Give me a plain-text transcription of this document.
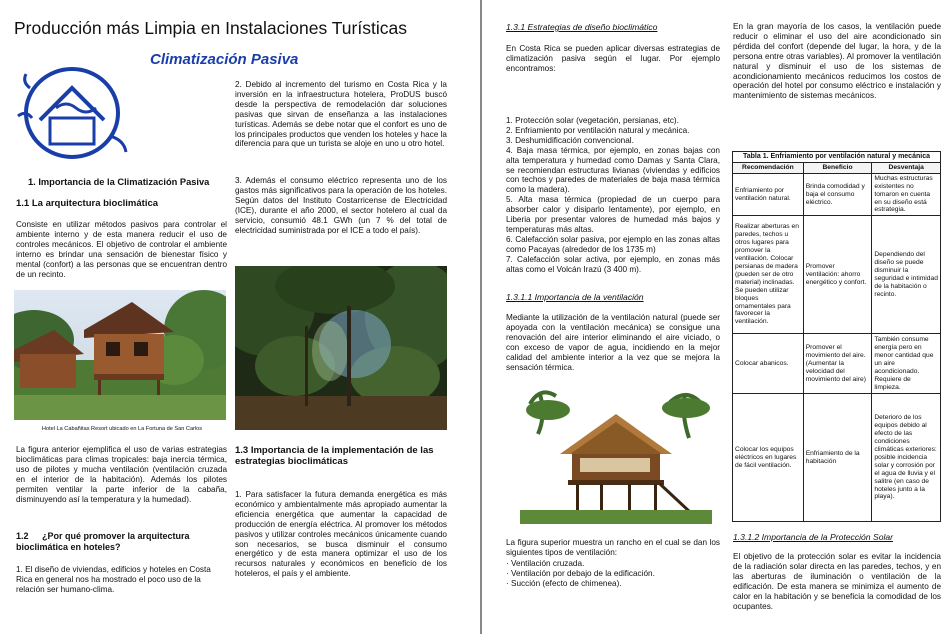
Producción más Limpia en Instalaciones Turísticas
Climatización Pasiva
1. Importancia de la Climatización Pasiva
1.1 La arquitectura bioclimática
Consiste en utilizar métodos pasivos para controlar el ambiente interno y de esta manera reducir el uso de controles mecánicos. El objetivo de controlar el ambiente interno es brindar una sensación de bienestar físico y mental (confort) a las personas que se encuentran dentro de un recinto.
Hotel La Cabañitas Resort ubicado en La Fortuna de San Carlos
La figura anterior ejemplifica el uso de varias estrategias bioclimáticas para climas tropicales: baja inercia térmica, uso de pilotes y mucha ventilación (ventilación cruzada en el interior de la habitación). Además los pilotes permiten ventilar la parte inferior de la cabaña, disminuyendo así la temperatura y la humedad).
1.2 ¿Por qué promover la arquitectura bioclimática en hoteles?
1. El diseño de viviendas, edificios y hoteles en Costa Rica en general nos ha mostrado el poco uso de la relación ser humano-clima.
2. Debido al incremento del turismo en Costa Rica y la inversión en la infraestructura hotelera, ProDUS buscó desde la perspectiva de remodelación dar soluciones pasivas que sirvan de enseñanza a las instalaciones turísticas. Además se debe notar que el confort es uno de los principales productos que venden los hoteles y hace la diferencia para que un turista se aloje en uno u otro hotel.
3. Además el consumo eléctrico representa uno de los gastos más significativos para la operación de los hoteles. Según datos del Instituto Costarricense de Electricidad (ICE), durante el año 2000, el sector hotelero al cual da servicio, consumió 48.1 GWh (un 7 % del total de electricidad suministrada por el ICE a todo el país).
1.3 Importancia de la implementación de las estrategias bioclimáticas
1. Para satisfacer la futura demanda energética es más económico y ambientalmente más apropiado aumentar la eficiencia energética que aumentar la capacidad de producción de energía eléctrica. Al promover los métodos pasivos y utilizar controles mecánicos únicamente cuando son necesarios, se busca disminuir el consumo energético y de esta manera optimizar el uso de los recursos naturales y económicos en beneficio de los hoteleros, el país y el ambiente.
1.3.1 Estrategias de diseño bioclimático
En Costa Rica se pueden aplicar diversas estrategias de climatización pasiva según el lugar. Por ejemplo encontramos:
1. Protección solar (vegetación, persianas, etc).
2. Enfriamiento por ventilación natural y mecánica.
3. Deshumidificación convencional.
4. Baja masa térmica, por ejemplo, en zonas bajas con alta temperatura y humedad como Damas y Santa Clara, se recomiendan estructuras livianas (viviendas y edificios con techos y paredes de materiales de baja masa térmica como la madera).
5. Alta masa térmica (propiedad de un cuerpo para absorber calor y disiparlo lentamente), por ejemplo, en Liberia por presentar valores de humedad más bajos y temperaturas más altas.
6. Calefacción solar pasiva, por ejemplo en las zonas altas como Pacayas (alrededor de los 1735 m)
7. Calefacción solar activa, por ejemplo, en zonas más altas como el Volcán Irazú (3 400 m).
1.3.1.1 Importancia de la ventilación
Mediante la utilización de la ventilación natural (puede ser apoyada con la ventilación mecánica) se consigue una renovación del aire interior eliminando el aire viciado, o con exceso de vapor de agua, incidiendo en la mejor calidad del ambiente interior a la vez que se mejora la sensación térmica.
La figura superior muestra un rancho en el cual se dan los siguientes tipos de ventilación:
· Ventilación cruzada.
· Ventilación por debajo de la edificación.
· Succión (efecto de chimenea).
En la gran mayoría de los casos, la ventilación puede reducir o eliminar el uso del aire acondicionado sin pérdida del confort (depende del lugar, la hora, y de la persona entre otras variables). Al promover la ventilación natural y disminuir el uso de los sistemas de acondicionamiento mecánicos reducimos los costos de operación del hotel por consumo eléctrico e instalación y mantenimiento de sistemas mecánicos.
Tabla 1. Enfriamiento por ventilación natural y mecánica		
Recomendación	Beneficio	Desventaja
Enfriamiento por ventilación natural.	Brinda comodidad y baja el consumo eléctrico.	Muchas estructuras existentes no tomaron en cuenta en su diseño está estrategia.
Realizar aberturas en paredes, techos u otros lugares para promover la ventilación. Colocar persianas de madera (pueden ser de otro material) inclinadas. Se pueden utilizar bloques ornamentales para favorecer la ventilación.	Promover ventilación: ahorro energético y confort.	Dependiendo del diseño se puede disminuir la seguridad e intimidad de la habitación o recinto.
Colocar abanicos.	Promover el movimiento del aire. (Aumentar la velocidad del movimiento del aire)	También consume energía pero en menor cantidad que un aire acondicionado. Requiere de limpieza.
Colocar los equipos eléctricos en lugares de fácil ventilación.	Enfriamiento de la habitación	Deterioro de los equipos debido al efecto de las condiciones climáticas exteriores: posible incidencia solar y corrosión por el agua de lluvia y el salitre (en caso de hoteles junto a la playa).
1.3.1.2 Importancia de la Protección Solar
El objetivo de la protección solar es evitar la incidencia de la radiación solar directa en las paredes, techos, y en las aberturas de iluminación o ventilación de la edificación. De esta manera se minimiza el aumento de calor en la habitación y se beneficia la comodidad de los ocupantes.
